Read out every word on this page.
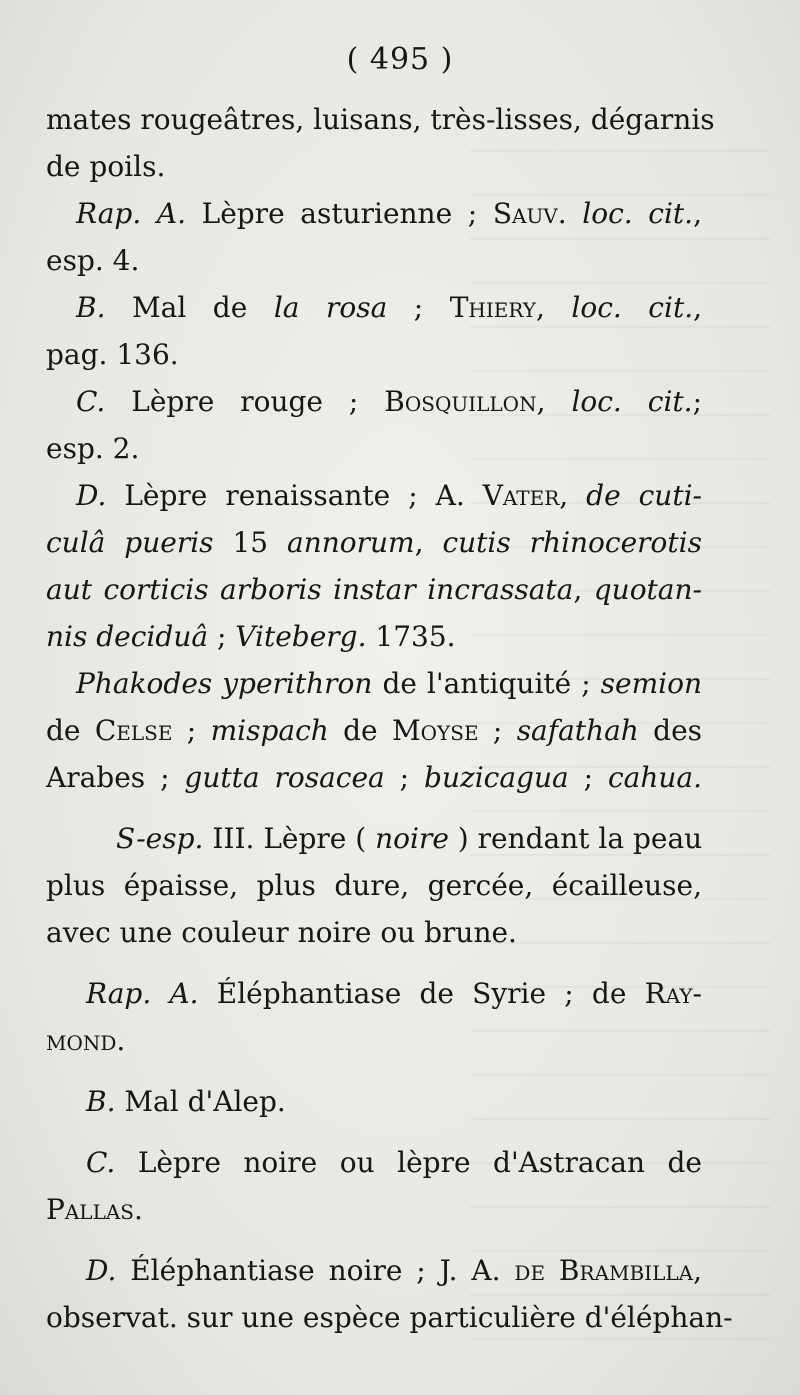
( 495 )
mates rougeâtres, luisans, très-lisses, dégarnis
de poils.
Rap. A. Lèpre asturienne ; Sauv. loc. cit.,
esp. 4.
B. Mal de la rosa ; Thiery, loc. cit.,
pag. 136.
C. Lèpre rouge ; Bosquillon, loc. cit.;
esp. 2.
D. Lèpre renaissante ; A. Vater, de cuti-
culâ pueris 15 annorum, cutis rhinocerotis
aut corticis arboris instar incrassata, quotan-
nis deciduâ ; Viteberg. 1735.
Phakodes yperithron de l'antiquité ; semion
de Celse ; mispach de Moyse ; safathah des
Arabes ; gutta rosacea ; buzicagua ; cahua.
S-esp. III. Lèpre ( noire ) rendant la peau
plus épaisse, plus dure, gercée, écailleuse,
avec une couleur noire ou brune.
Rap. A. Éléphantiase de Syrie ; de Ray-
mond.
B. Mal d'Alep.
C. Lèpre noire ou lèpre d'Astracan de
Pallas.
D. Éléphantiase noire ; J. A. de Brambilla,
observat. sur une espèce particulière d'éléphan-
